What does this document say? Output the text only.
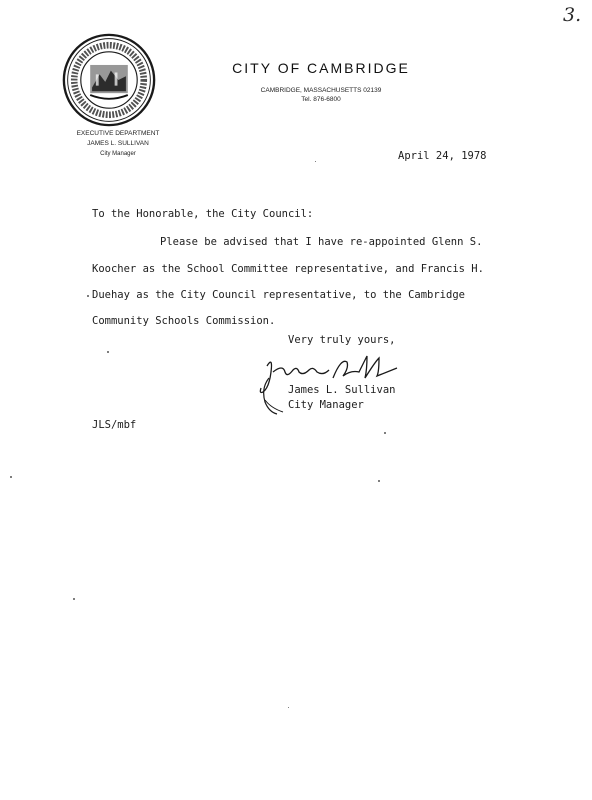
3.
CITY OF CAMBRIDGE
CAMBRIDGE, MASSACHUSETTS 02139
Tel. 876-6800
EXECUTIVE DEPARTMENT
JAMES L. SULLIVAN
City Manager	April 24, 1978
To the Honorable, the City Council:
Please be advised that I have re-appointed Glenn S.
Koocher as the School Committee representative, and Francis H.
Duehay as the City Council representative, to the Cambridge
Community Schools Commission.
Very truly yours,
James L. Sullivan
City Manager
JLS/mbf
